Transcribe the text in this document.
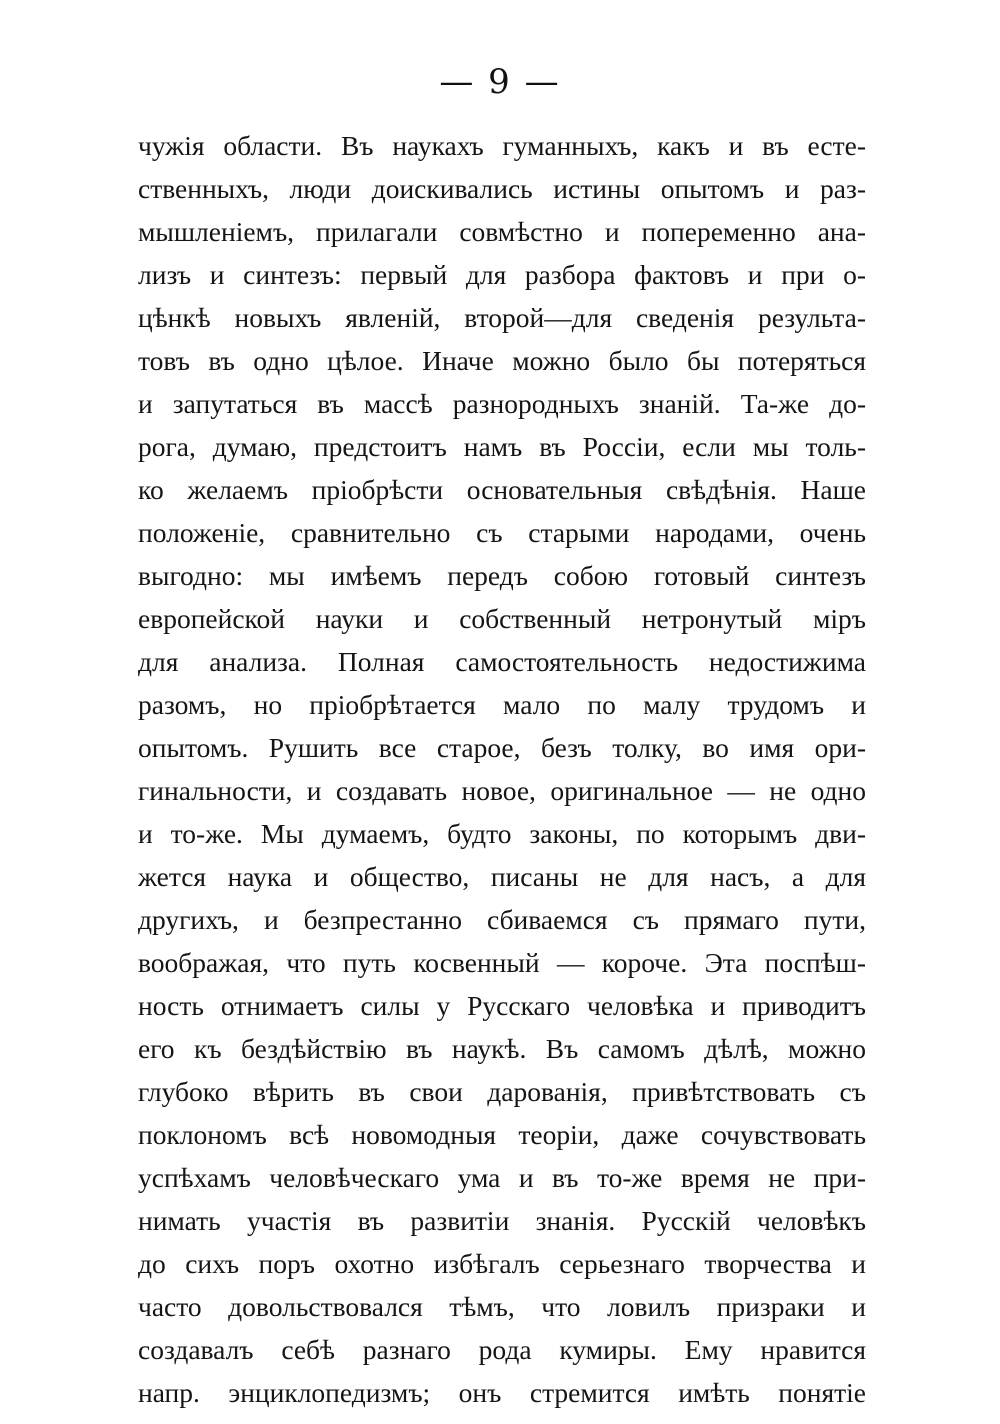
— 9 —
чужія области. Въ наукахъ гуманныхъ, какъ и въ есте-
ственныхъ, люди доискивались истины опытомъ и раз-
мышленіемъ, прилагали совмѣстно и попеременно ана-
лизъ и синтезъ: первый для разбора фактовъ и при о-
цѣнкѣ новыхъ явленій, второй—для сведенія результа-
товъ въ одно цѣлое. Иначе можно было бы потеряться
и запутаться въ массѣ разнородныхъ знаній. Та-же до-
рога, думаю, предстоитъ намъ въ Россіи, если мы толь-
ко желаемъ пріобрѣсти основательныя свѣдѣнія. Наше
положеніе, сравнительно съ старыми народами, очень
выгодно: мы имѣемъ передъ собою готовый синтезъ
европейской науки и собственный нетронутый міръ
для анализа. Полная самостоятельность недостижима
разомъ, но пріобрѣтается мало по малу трудомъ и
опытомъ. Рушить все старое, безъ толку, во имя ори-
гинальности, и создавать новое, оригинальное — не одно
и то-же. Мы думаемъ, будто законы, по которымъ дви-
жется наука и общество, писаны не для насъ, а для
другихъ, и безпрестанно сбиваемся съ прямаго пути,
воображая, что путь косвенный — короче. Эта поспѣш-
ность отнимаетъ силы у Русскаго человѣка и приводитъ
его къ бездѣйствію въ наукѣ. Въ самомъ дѣлѣ, можно
глубоко вѣрить въ свои дарованія, привѣтствовать съ
поклономъ всѣ новомодныя теоріи, даже сочувствовать
успѣхамъ человѣческаго ума и въ то-же время не при-
нимать участія въ развитіи знанія. Русскій человѣкъ
до сихъ поръ охотно избѣгалъ серьезнаго творчества и
часто довольствовался тѣмъ, что ловилъ призраки и
создавалъ себѣ разнаго рода кумиры. Ему нравится
напр. энциклопедизмъ; онъ стремится имѣть понятіе
